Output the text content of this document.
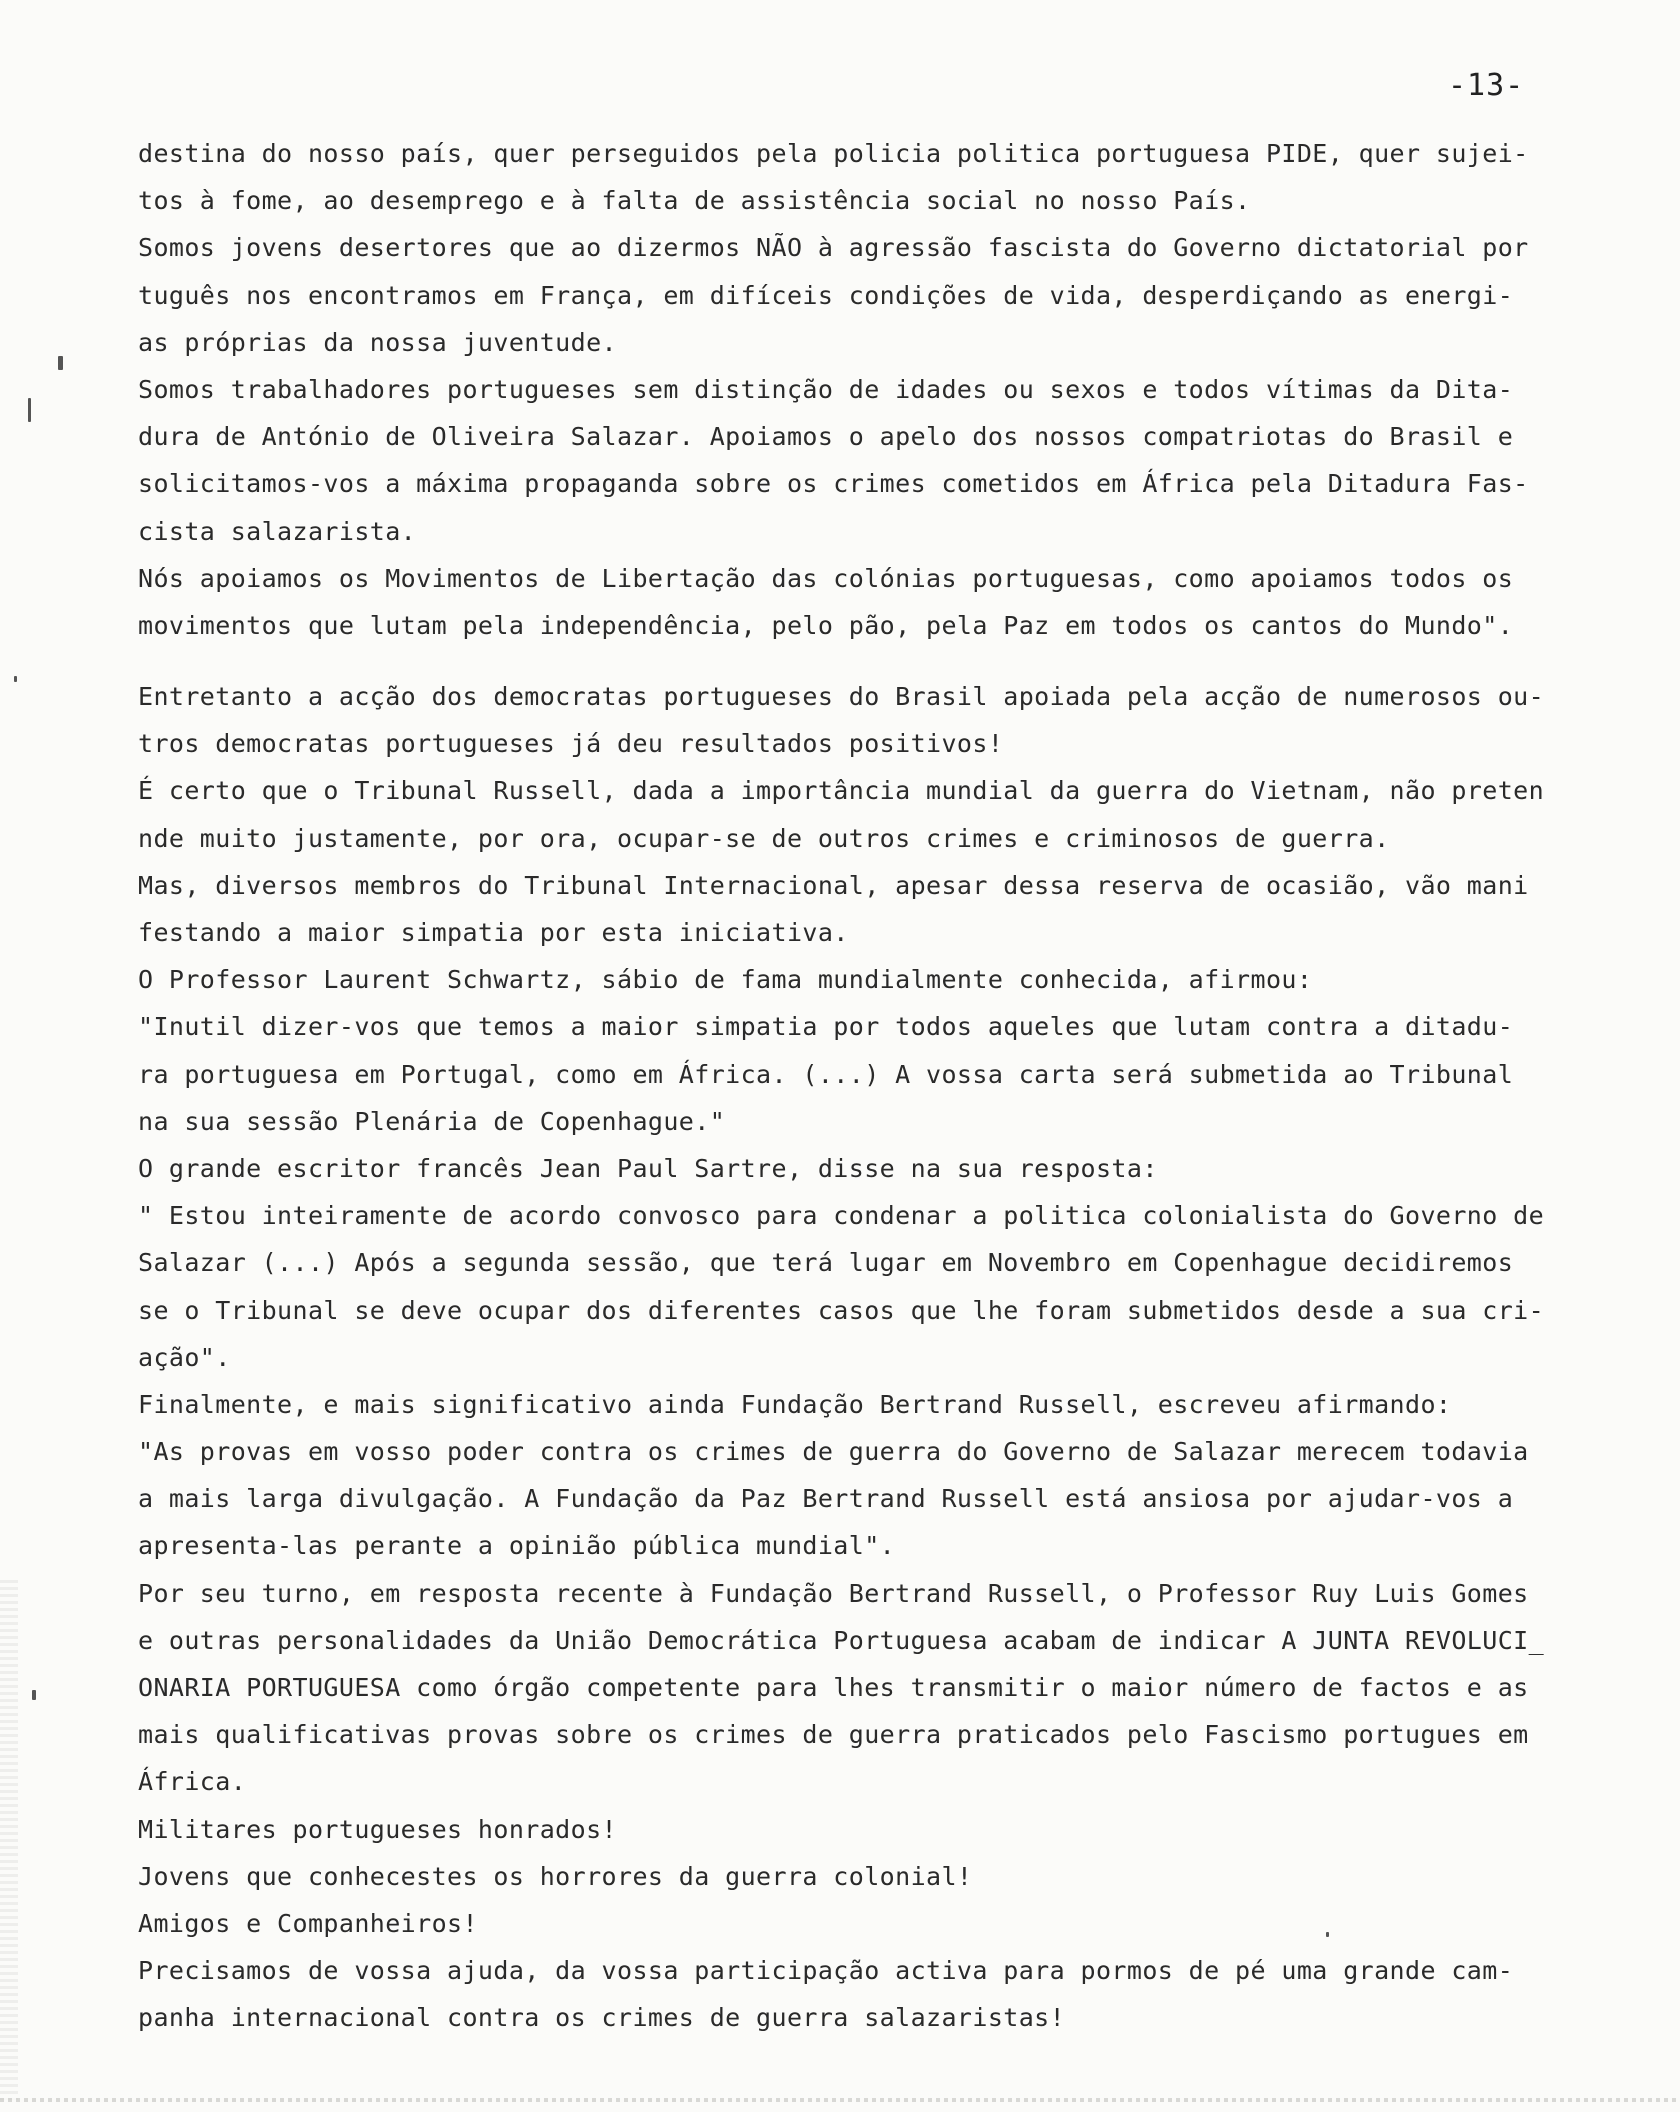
-13-
destina do nosso país, quer perseguidos pela policia politica portuguesa PIDE, quer sujei-
tos à fome, ao desemprego e à falta de assistência social no nosso País.
Somos jovens desertores que ao dizermos NÃO à agressão fascista do Governo dictatorial por
tuguês nos encontramos em França, em difíceis condições de vida, desperdiçando as energi-
as próprias da nossa juventude.
Somos trabalhadores portugueses sem distinção de idades ou sexos e todos vítimas da Dita-
dura de António de Oliveira Salazar. Apoiamos o apelo dos nossos compatriotas do Brasil e
solicitamos-vos a máxima propaganda sobre os crimes cometidos em África pela Ditadura Fas-
cista salazarista.
Nós apoiamos os Movimentos de Libertação das colónias portuguesas, como apoiamos todos os
movimentos que lutam pela independência, pelo pão, pela Paz em todos os cantos do Mundo".
Entretanto a acção dos democratas portugueses do Brasil apoiada pela acção de numerosos ou-
tros democratas portugueses já deu resultados positivos!
É certo que o Tribunal Russell, dada a importância mundial da guerra do Vietnam, não preten
nde muito justamente, por ora, ocupar-se de outros crimes e criminosos de guerra.
Mas, diversos membros do Tribunal Internacional, apesar dessa reserva de ocasião, vão mani
festando a maior simpatia por esta iniciativa.
O Professor Laurent Schwartz, sábio de fama mundialmente conhecida, afirmou:
"Inutil dizer-vos que temos a maior simpatia por todos aqueles que lutam contra a ditadu-
ra portuguesa em Portugal, como em África. (...) A vossa carta será submetida ao Tribunal
na sua sessão Plenária de Copenhague."
O grande escritor francês Jean Paul Sartre, disse na sua resposta:
" Estou inteiramente de acordo convosco para condenar a politica colonialista do Governo de
Salazar (...) Após a segunda sessão, que terá lugar em Novembro em Copenhague decidiremos
se o Tribunal se deve ocupar dos diferentes casos que lhe foram submetidos desde a sua cri-
ação".
Finalmente, e mais significativo ainda Fundação Bertrand Russell, escreveu afirmando:
"As provas em vosso poder contra os crimes de guerra do Governo de Salazar merecem todavia
a mais larga divulgação. A Fundação da Paz Bertrand Russell está ansiosa por ajudar-vos a
apresenta-las perante a opinião pública mundial".
Por seu turno, em resposta recente à Fundação Bertrand Russell, o Professor Ruy Luis Gomes
e outras personalidades da União Democrática Portuguesa acabam de indicar A JUNTA REVOLUCI_
ONARIA PORTUGUESA como órgão competente para lhes transmitir o maior número de factos e as
mais qualificativas provas sobre os crimes de guerra praticados pelo Fascismo portugues em
África.
Militares portugueses honrados!
Jovens que conhecestes os horrores da guerra colonial!
Amigos e Companheiros!
Precisamos de vossa ajuda, da vossa participação activa para pormos de pé uma grande cam-
panha internacional contra os crimes de guerra salazaristas!
